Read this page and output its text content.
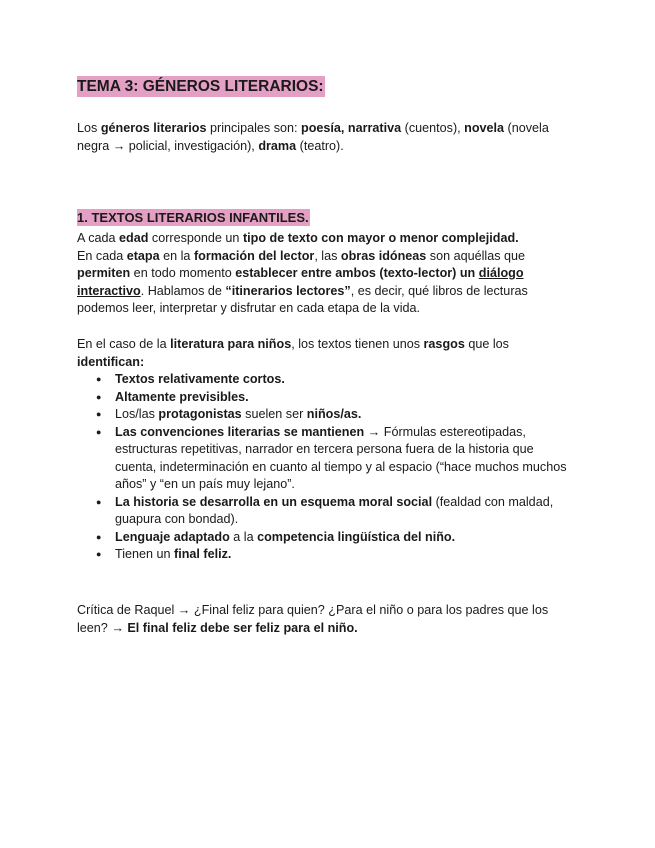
TEMA 3: GÉNEROS LITERARIOS:

Los géneros literarios principales son: poesía, narrativa (cuentos), novela (novela negra → policial, investigación), drama (teatro).

1. TEXTOS LITERARIOS INFANTILES.

A cada edad corresponde un tipo de texto con mayor o menor complejidad.
En cada etapa en la formación del lector, las obras idóneas son aquéllas que permiten en todo momento establecer entre ambos (texto-lector) un diálogo interactivo. Hablamos de “itinerarios lectores”, es decir, qué libros de lecturas podemos leer, interpretar y disfrutar en cada etapa de la vida.

En el caso de la literatura para niños, los textos tienen unos rasgos que los identifican:

● Textos relativamente cortos.
● Altamente previsibles.
● Los/las protagonistas suelen ser niños/as.
● Las convenciones literarias se mantienen → Fórmulas estereotipadas, estructuras repetitivas, narrador en tercera persona fuera de la historia que cuenta, indeterminación en cuanto al tiempo y al espacio (“hace muchos muchos años” y “en un país muy lejano”.
● La historia se desarrolla en un esquema moral social (fealdad con maldad, guapura con bondad).
● Lenguaje adaptado a la competencia lingüística del niño.
● Tienen un final feliz.

Crítica de Raquel → ¿Final feliz para quien? ¿Para el niño o para los padres que los leen? → El final feliz debe ser feliz para el niño.
